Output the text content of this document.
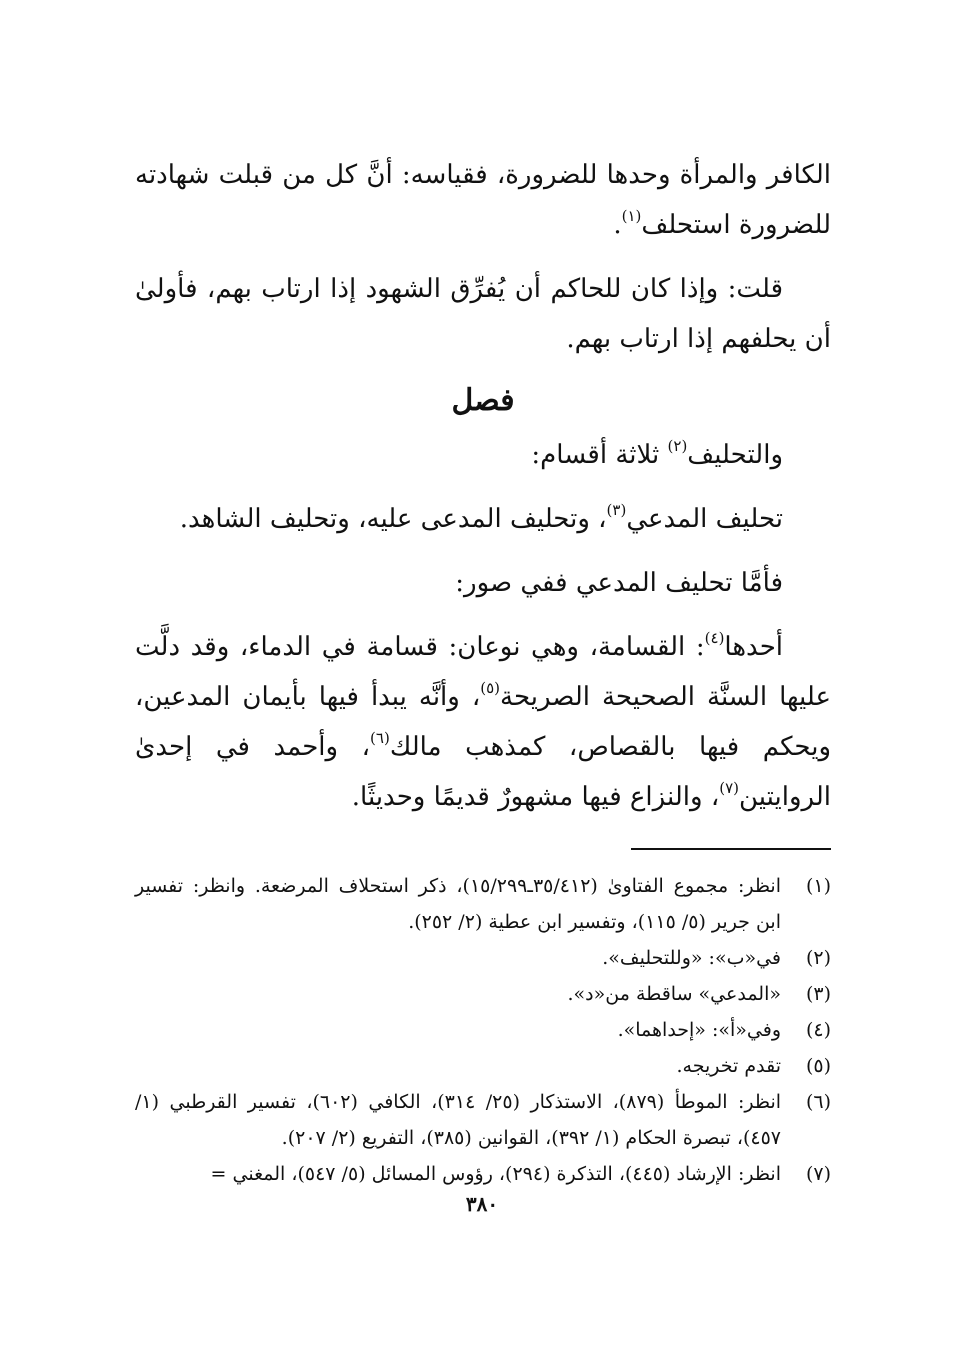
الكافر والمرأة وحدها للضرورة، فقياسه: أنَّ كل من قبلت شهادته للضرورة استحلف$^{(١)}$.

قلت: وإذا كان للحاكم أن يُفرِّق الشهود إذا ارتاب بهم، فأولىٰ أن يحلفهم إذا ارتاب بهم.

فصل

والتحليف$^{(٢)}$ ثلاثة أقسام:

تحليف المدعي$^{(٣)}$، وتحليف المدعى عليه، وتحليف الشاهد.

فأمَّا تحليف المدعي ففي صور:

أحدها$^{(٤)}$: القسامة، وهي نوعان: قسامة في الدماء، وقد دلَّت عليها السنَّة الصحيحة الصريحة$^{(٥)}$، وأنَّه يبدأ فيها بأيمان المدعين، ويحكم فيها بالقصاص، كمذهب مالك$^{(٦)}$، وأحمد في إحدىٰ الروايتين$^{(٧)}$، والنزاع فيها مشهورٌ قديمًا وحديثًا.

(١)
انظر: مجموع الفتاوىٰ (٣٥/٤١٢ـ١٥/٢٩٩)، ذكر استحلاف المرضعة. وانظر: تفسير ابن جرير (٥/ ١١٥)، وتفسير ابن عطية (٢/ ٢٥٢).
(٢)
في«ب»: «وللتحليف».
(٣)
«المدعي» ساقطة من«د».
(٤)
وفي«أ»: «إحداهما».
(٥)
تقدم تخريجه.
(٦)
انظر: الموطأ (٨٧٩)، الاستذكار (٢٥/ ٣١٤)، الكافي (٦٠٢)، تفسير القرطبي (١/ ٤٥٧)، تبصرة الحكام (١/ ٣٩٢)، القوانين (٣٨٥)، التفريع (٢/ ٢٠٧).
(٧)
انظر: الإرشاد (٤٤٥)، التذكرة (٢٩٤)، رؤوس المسائل (٥/ ٥٤٧)، المغني =
٣٨٠
